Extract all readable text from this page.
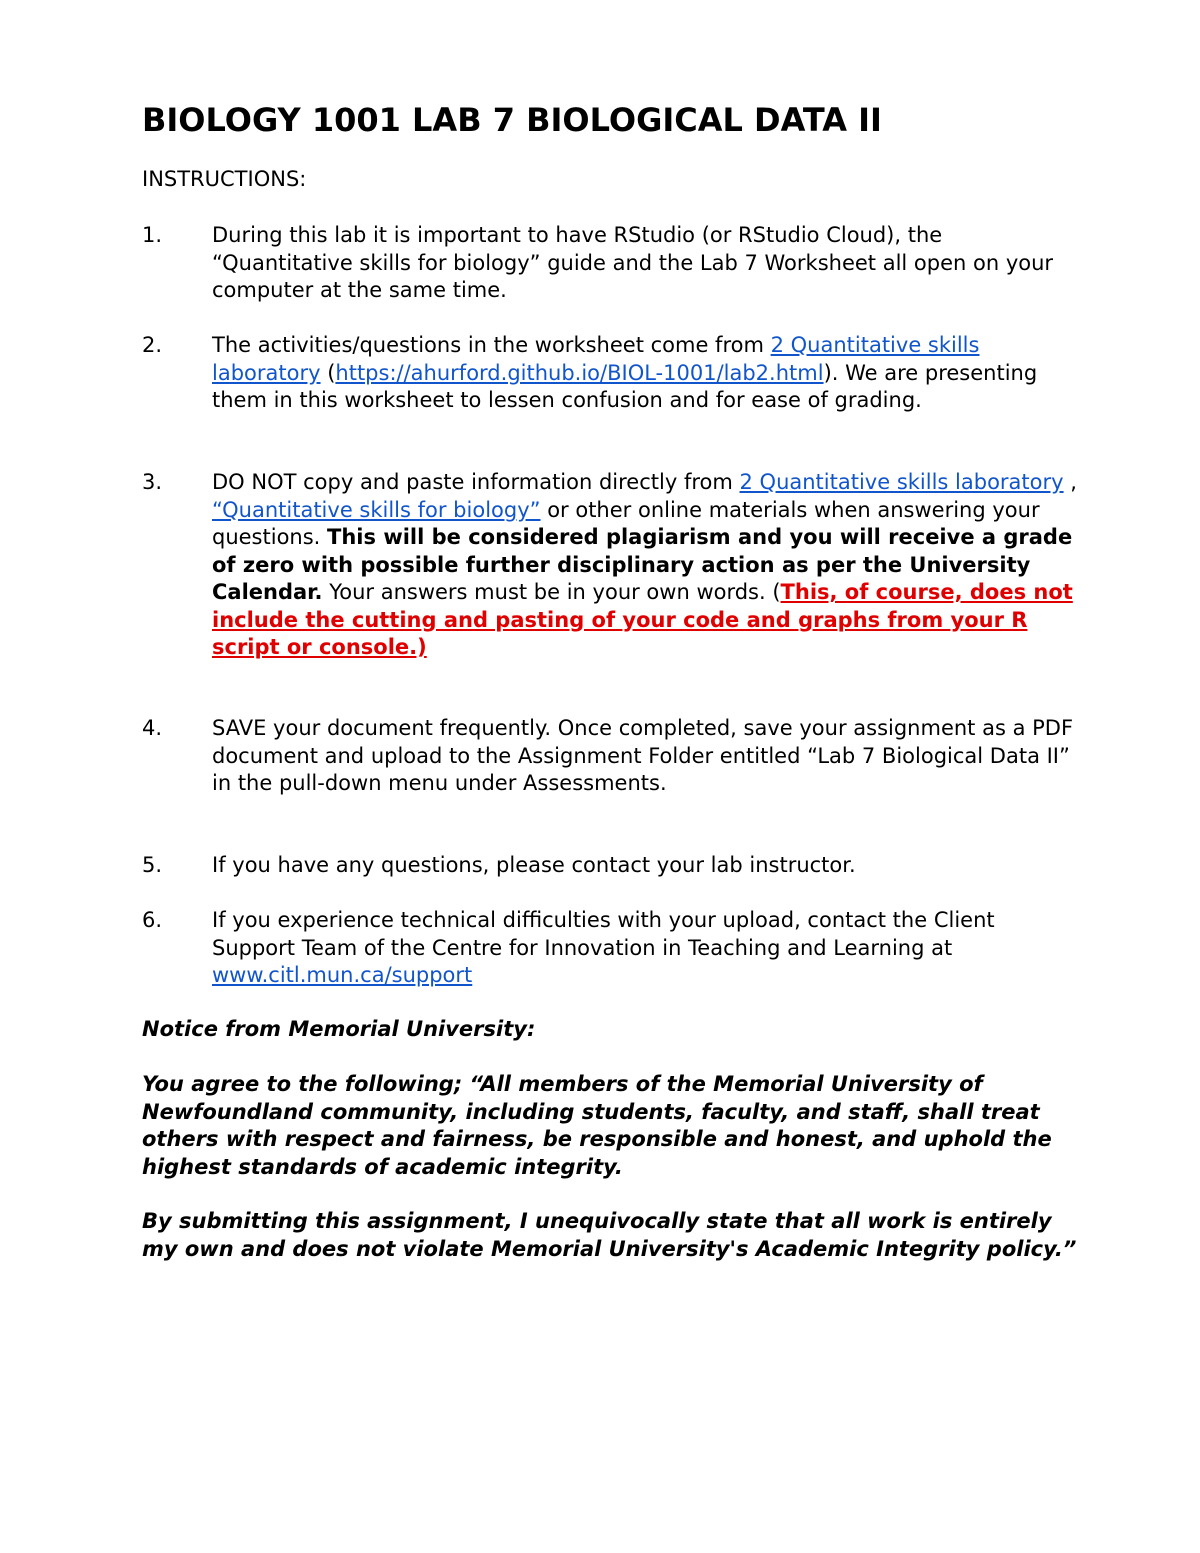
BIOLOGY 1001 LAB 7 BIOLOGICAL DATA II

INSTRUCTIONS:

1. During this lab it is important to have RStudio (or RStudio Cloud), the “Quantitative skills for biology” guide and the Lab 7 Worksheet all open on your computer at the same time.
2. The activities/questions in the worksheet come from 2 Quantitative skills laboratory (https://ahurford.github.io/BIOL-1001/lab2.html). We are presenting them in this worksheet to lessen confusion and for ease of grading.
3. DO NOT copy and paste information directly from 2 Quantitative skills laboratory , “Quantitative skills for biology” or other online materials when answering your questions. This will be considered plagiarism and you will receive a grade of zero with possible further disciplinary action as per the University Calendar. Your answers must be in your own words. (This, of course, does not include the cutting and pasting of your code and graphs from your R script or console.)
4. SAVE your document frequently. Once completed, save your assignment as a PDF document and upload to the Assignment Folder entitled “Lab 7 Biological Data II” in the pull-down menu under Assessments.
5. If you have any questions, please contact your lab instructor.
6. If you experience technical difficulties with your upload, contact the Client Support Team of the Centre for Innovation in Teaching and Learning at www.citl.mun.ca/support

Notice from Memorial University:

You agree to the following; “All members of the Memorial University of Newfoundland community, including students, faculty, and staff, shall treat others with respect and fairness, be responsible and honest, and uphold the highest standards of academic integrity.

By submitting this assignment, I unequivocally state that all work is entirely my own and does not violate Memorial University's Academic Integrity policy.”
